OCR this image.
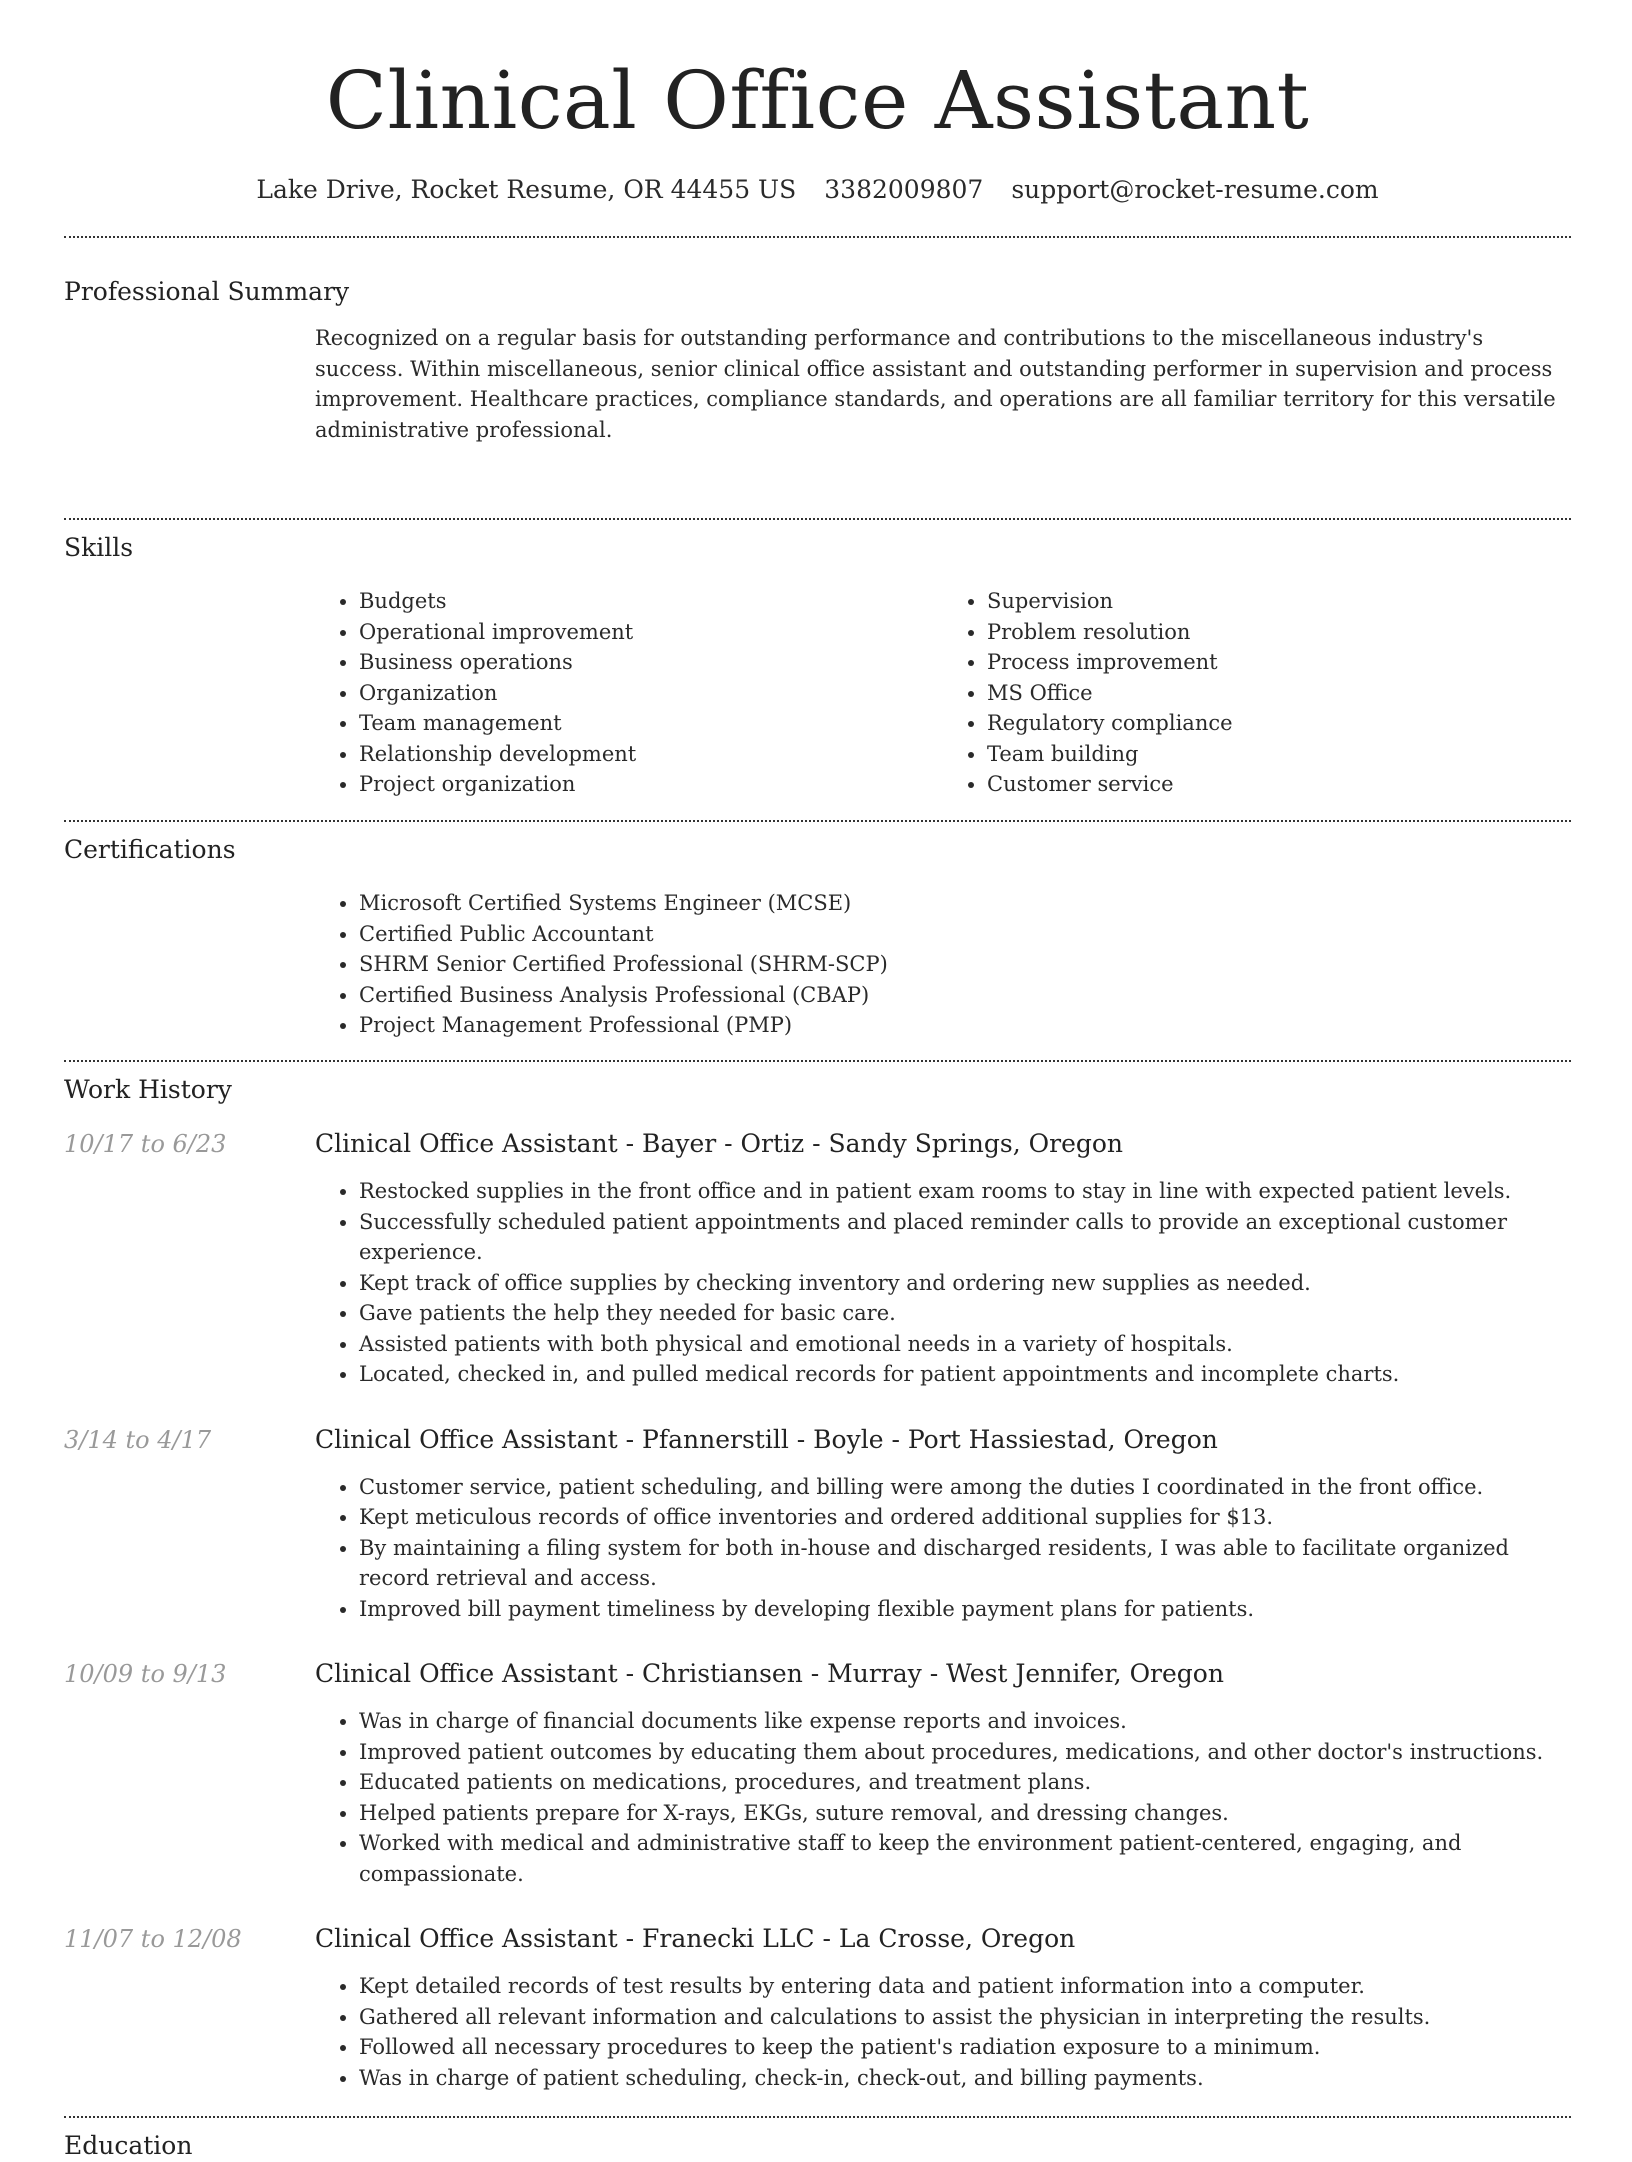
Clinical Office Assistant
Lake Drive, Rocket Resume, OR 44455 US 3382009807 support@rocket-resume.com
Professional Summary

Recognized on a regular basis for outstanding performance and contributions to the miscellaneous industry's success. Within miscellaneous, senior clinical office assistant and outstanding performer in supervision and process improvement. Healthcare practices, compliance standards, and operations are all familiar territory for this versatile administrative professional.

Skills
• Budgets
• Operational improvement
• Business operations
• Organization
• Team management
• Relationship development
• Project organization
• Supervision
• Problem resolution
• Process improvement
• MS Office
• Regulatory compliance
• Team building
• Customer service
Certifications
• Microsoft Certified Systems Engineer (MCSE)
• Certified Public Accountant
• SHRM Senior Certified Professional (SHRM-SCP)
• Certified Business Analysis Professional (CBAP)
• Project Management Professional (PMP)
Work History
10/17 to 6/23	Clinical Office Assistant - Bayer - Ortiz - Sandy Springs, Oregon
• Restocked supplies in the front office and in patient exam rooms to stay in line with expected patient levels.
• Successfully scheduled patient appointments and placed reminder calls to provide an exceptional customer experience.
• Kept track of office supplies by checking inventory and ordering new supplies as needed.
• Gave patients the help they needed for basic care.
• Assisted patients with both physical and emotional needs in a variety of hospitals.
• Located, checked in, and pulled medical records for patient appointments and incomplete charts.
3/14 to 4/17	Clinical Office Assistant - Pfannerstill - Boyle - Port Hassiestad, Oregon
• Customer service, patient scheduling, and billing were among the duties I coordinated in the front office.
• Kept meticulous records of office inventories and ordered additional supplies for $13.
• By maintaining a filing system for both in-house and discharged residents, I was able to facilitate organized record retrieval and access.
• Improved bill payment timeliness by developing flexible payment plans for patients.
10/09 to 9/13	Clinical Office Assistant - Christiansen - Murray - West Jennifer, Oregon
• Was in charge of financial documents like expense reports and invoices.
• Improved patient outcomes by educating them about procedures, medications, and other doctor's instructions.
• Educated patients on medications, procedures, and treatment plans.
• Helped patients prepare for X-rays, EKGs, suture removal, and dressing changes.
• Worked with medical and administrative staff to keep the environment patient-centered, engaging, and compassionate.
11/07 to 12/08	Clinical Office Assistant - Franecki LLC - La Crosse, Oregon
• Kept detailed records of test results by entering data and patient information into a computer.
• Gathered all relevant information and calculations to assist the physician in interpreting the results.
• Followed all necessary procedures to keep the patient's radiation exposure to a minimum.
• Was in charge of patient scheduling, check-in, check-out, and billing payments.
Education
